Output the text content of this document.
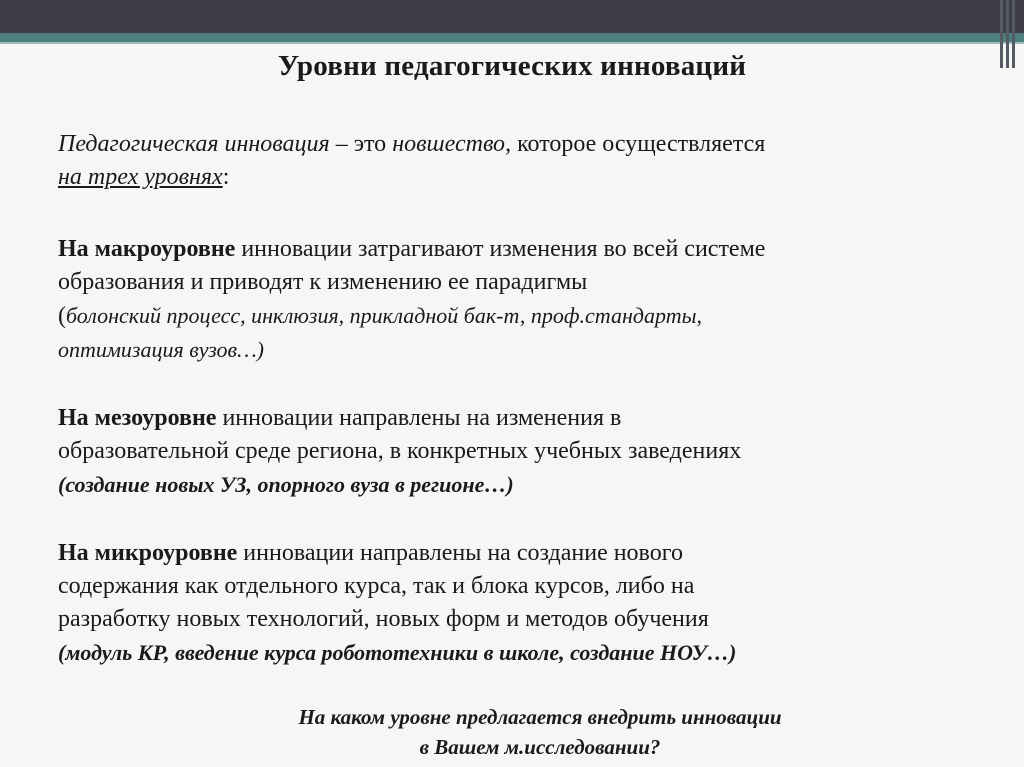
Уровни педагогических инноваций
Педагогическая инновация – это новшество, которое осуществляется
на трех уровнях:
На макроуровне инновации затрагивают изменения во всей системе
образования и приводят к изменению ее парадигмы
(болонский процесс, инклюзия, прикладной бак-т, проф.стандарты,
оптимизация вузов…)
На мезоуровне инновации направлены на изменения в
образовательной среде региона, в конкретных учебных заведениях
(создание новых УЗ, опорного вуза в регионе…)
На микроуровне инновации направлены на создание нового
содержания как отдельного курса, так и блока курсов, либо на
разработку новых технологий, новых форм и методов обучения
(модуль КР, введение курса робототехники в школе, создание НОУ…)
На каком уровне предлагается внедрить инновации
в Вашем м.исследовании?
